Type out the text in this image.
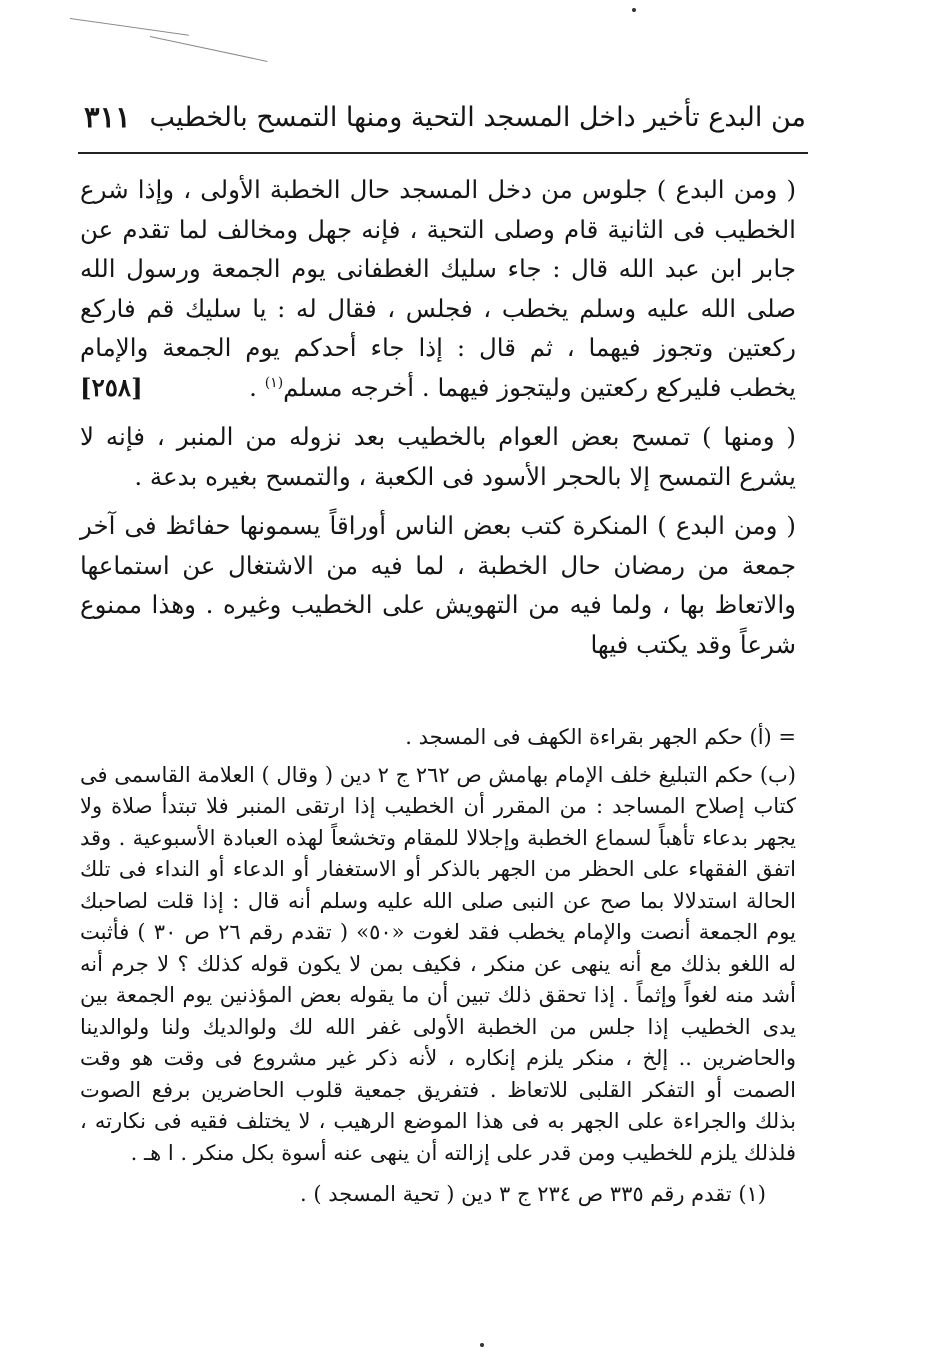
من البدع تأخير داخل المسجد التحية ومنها التمسح بالخطيب
٣١١

( ومن البدع ) جلوس من دخل المسجد حال الخطبة الأولى ، وإذا شرع الخطيب فى الثانية قام وصلى التحية ، فإنه جهل ومخالف لما تقدم عن جابر ابن عبد الله قال : جاء سليك الغطفانى يوم الجمعة ورسول الله صلى الله عليه وسلم يخطب ، فجلس ، فقال له : يا سليك قم فاركع ركعتين وتجوز فيهما ، ثم قال : إذا جاء أحدكم يوم الجمعة والإمام يخطب فليركع ركعتين وليتجوز فيهما . أخرجه مسلم$^{(١)}$ .
[٢٥٨]

( ومنها ) تمسح بعض العوام بالخطيب بعد نزوله من المنبر ، فإنه لا يشرع التمسح إلا بالحجر الأسود فى الكعبة ، والتمسح بغيره بدعة .

( ومن البدع ) المنكرة كتب بعض الناس أوراقاً يسمونها حفائظ فى آخر جمعة من رمضان حال الخطبة ، لما فيه من الاشتغال عن استماعها والاتعاظ بها ، ولما فيه من التهويش على الخطيب وغيره . وهذا ممنوع شرعاً وقد يكتب فيها

= (أ) حكم الجهر بقراءة الكهف فى المسجد .

(ب) حكم التبليغ خلف الإمام بهامش ص ٢٦٢ ج ٢ دين ( وقال ) العلامة القاسمى فى كتاب إصلاح المساجد : من المقرر أن الخطيب إذا ارتقى المنبر فلا تبتدأ صلاة ولا يجهر بدعاء تأهباً لسماع الخطبة وإجلالا للمقام وتخشعاً لهذه العبادة الأسبوعية . وقد اتفق الفقهاء على الحظر من الجهر بالذكر أو الاستغفار أو الدعاء أو النداء فى تلك الحالة استدلالا بما صح عن النبى صلى الله عليه وسلم أنه قال : إذا قلت لصاحبك يوم الجمعة أنصت والإمام يخطب فقد لغوت «٥٠» ( تقدم رقم ٢٦ ص ٣٠ ) فأثبت له اللغو بذلك مع أنه ينهى عن منكر ، فكيف بمن لا يكون قوله كذلك ؟ لا جرم أنه أشد منه لغواً وإثماً . إذا تحقق ذلك تبين أن ما يقوله بعض المؤذنين يوم الجمعة بين يدى الخطيب إذا جلس من الخطبة الأولى غفر الله لك ولوالديك ولنا ولوالدينا والحاضرين .. إلخ ، منكر يلزم إنكاره ، لأنه ذكر غير مشروع فى وقت هو وقت الصمت أو التفكر القلبى للاتعاظ . فتفريق جمعية قلوب الحاضرين برفع الصوت بذلك والجراءة على الجهر به فى هذا الموضع الرهيب ، لا يختلف فقيه فى نكارته ، فلذلك يلزم للخطيب ومن قدر على إزالته أن ينهى عنه أسوة بكل منكر . ا هـ .

(١) تقدم رقم ٣٣٥ ص ٢٣٤ ج ٣ دين ( تحية المسجد ) .
